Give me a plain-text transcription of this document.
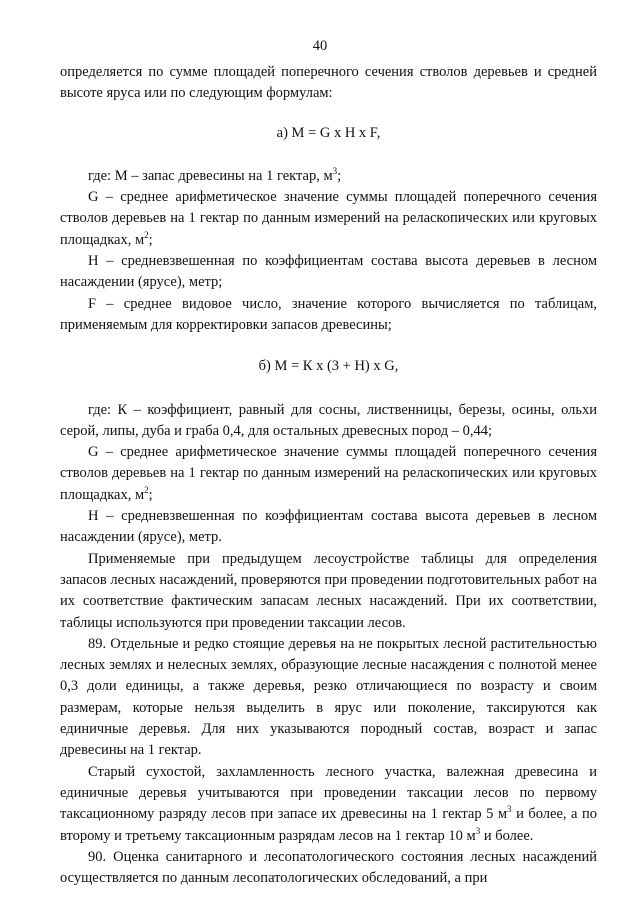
40

определяется по сумме площадей поперечного сечения стволов деревьев и средней высоте яруса или по следующим формулам:

а) М = G х Н х F,

где: М – запас древесины на 1 гектар, $м^3$;

G – среднее арифметическое значение суммы площадей поперечного сечения стволов деревьев на 1 гектар по данным измерений на реласкопических или круговых площадках, $м^2$;

Н – средневзвешенная по коэффициентам состава высота деревьев в лесном насаждении (ярусе), метр;

F – среднее видовое число, значение которого вычисляется по таблицам, применяемым для корректировки запасов древесины;

б) М = К х (3 + Н) х G,

где: К – коэффициент, равный для сосны, лиственницы, березы, осины, ольхи серой, липы, дуба и граба 0,4, для остальных древесных пород – 0,44;

G – среднее арифметическое значение суммы площадей поперечного сечения стволов деревьев на 1 гектар по данным измерений на реласкопических или круговых площадках, $м^2$;

Н – средневзвешенная по коэффициентам состава высота деревьев в лесном насаждении (ярусе), метр.

Применяемые при предыдущем лесоустройстве таблицы для определения запасов лесных насаждений, проверяются при проведении подготовительных работ на их соответствие фактическим запасам лесных насаждений. При их соответствии, таблицы используются при проведении таксации лесов.

89. Отдельные и редко стоящие деревья на не покрытых лесной растительностью лесных землях и нелесных землях, образующие лесные насаждения с полнотой менее 0,3 доли единицы, а также деревья, резко отличающиеся по возрасту и своим размерам, которые нельзя выделить в ярус или поколение, таксируются как единичные деревья. Для них указываются породный состав, возраст и запас древесины на 1 гектар.

Старый сухостой, захламленность лесного участка, валежная древесина и единичные деревья учитываются при проведении таксации лесов по первому таксационному разряду лесов при запасе их древесины на 1 гектар 5 $м^3$ и более, а по второму и третьему таксационным разрядам лесов на 1 гектар 10 $м^3$ и более.

90. Оценка санитарного и лесопатологического состояния лесных насаждений осуществляется по данным лесопатологических обследований, а при
